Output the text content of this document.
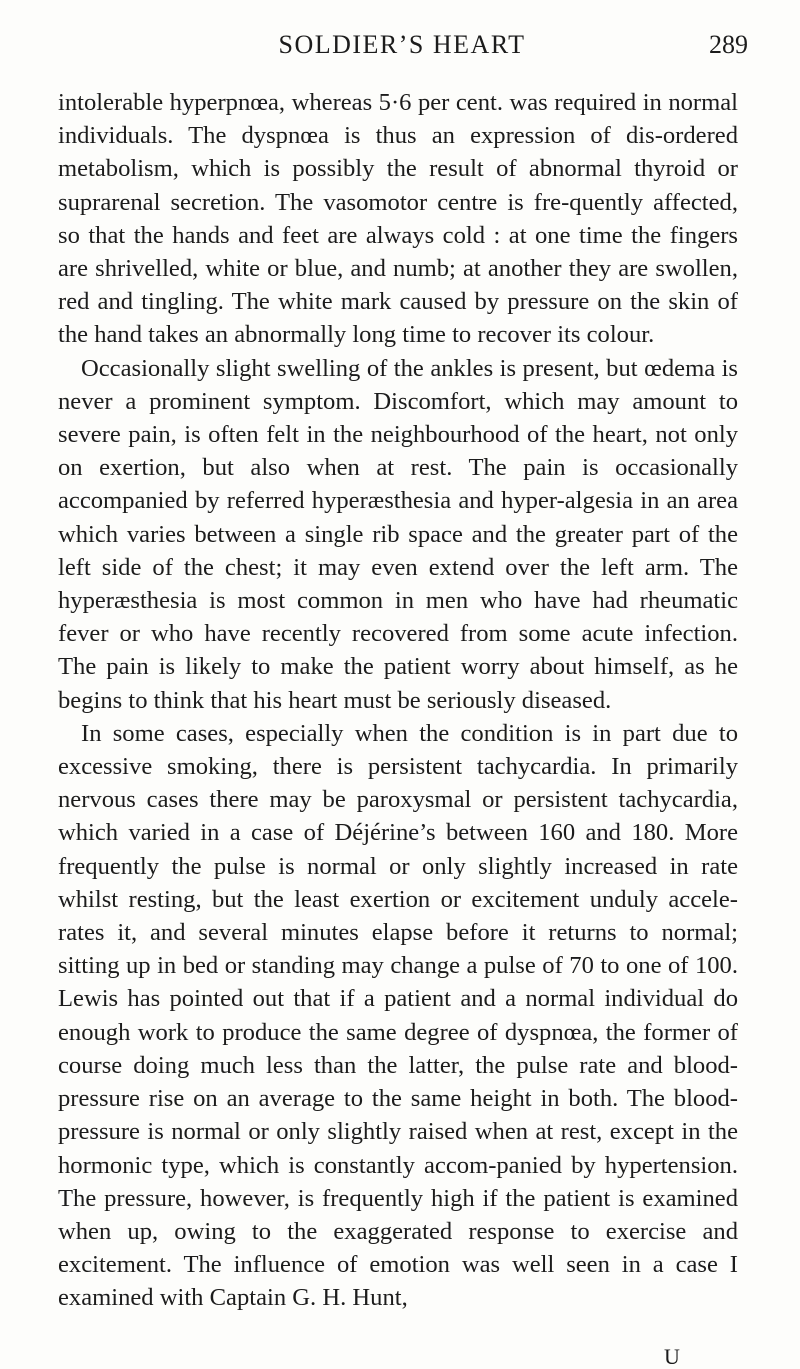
SOLDIER’S HEART	289

intolerable hyperpnœa, whereas 5·6 per cent. was required in normal individuals. The dyspnœa is thus an expression of dis-ordered metabolism, which is possibly the result of abnormal thyroid or suprarenal secretion. The vasomotor centre is fre-quently affected, so that the hands and feet are always cold : at one time the fingers are shrivelled, white or blue, and numb; at another they are swollen, red and tingling. The white mark caused by pressure on the skin of the hand takes an abnormally long time to recover its colour.

Occasionally slight swelling of the ankles is present, but œdema is never a prominent symptom. Discomfort, which may amount to severe pain, is often felt in the neighbourhood of the heart, not only on exertion, but also when at rest. The pain is occasionally accompanied by referred hyperæsthesia and hyper-algesia in an area which varies between a single rib space and the greater part of the left side of the chest; it may even extend over the left arm. The hyperæsthesia is most common in men who have had rheumatic fever or who have recently recovered from some acute infection. The pain is likely to make the patient worry about himself, as he begins to think that his heart must be seriously diseased.

In some cases, especially when the condition is in part due to excessive smoking, there is persistent tachycardia. In primarily nervous cases there may be paroxysmal or persistent tachycardia, which varied in a case of Déjérine’s between 160 and 180. More frequently the pulse is normal or only slightly increased in rate whilst resting, but the least exertion or excitement unduly accele-rates it, and several minutes elapse before it returns to normal; sitting up in bed or standing may change a pulse of 70 to one of 100. Lewis has pointed out that if a patient and a normal individual do enough work to produce the same degree of dyspnœa, the former of course doing much less than the latter, the pulse rate and blood-pressure rise on an average to the same height in both. The blood-pressure is normal or only slightly raised when at rest, except in the hormonic type, which is constantly accom-panied by hypertension. The pressure, however, is frequently high if the patient is examined when up, owing to the exaggerated response to exercise and excitement. The influence of emotion was well seen in a case I examined with Captain G. H. Hunt,

U
